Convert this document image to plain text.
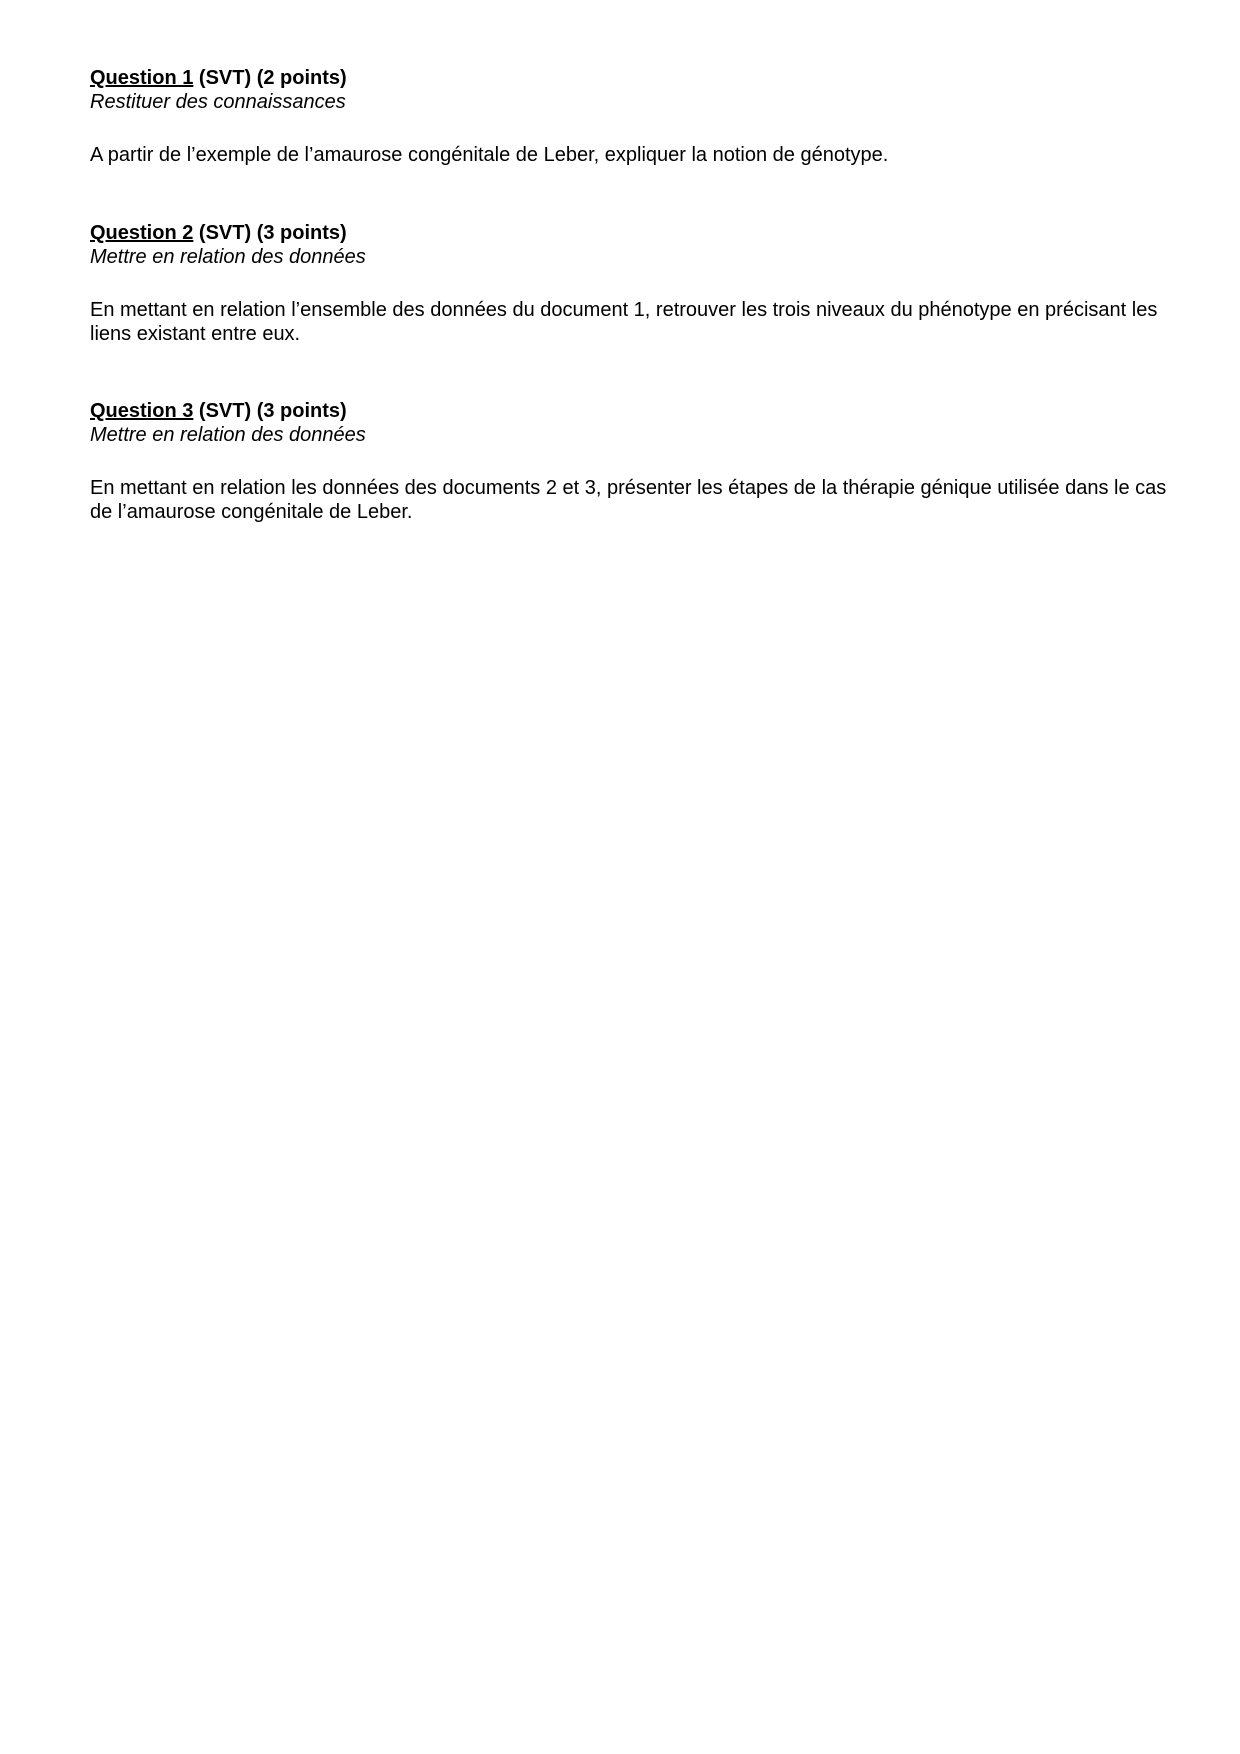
Question 1 (SVT) (2 points)

Restituer des connaissances

A partir de l’exemple de l’amaurose congénitale de Leber, expliquer la notion de génotype.

Question 2 (SVT) (3 points)

Mettre en relation des données

En mettant en relation l’ensemble des données du document 1, retrouver les trois niveaux du phénotype en précisant les liens existant entre eux.

Question 3 (SVT) (3 points)

Mettre en relation des données

En mettant en relation les données des documents 2 et 3, présenter les étapes de la thérapie génique utilisée dans le cas de l’amaurose congénitale de Leber.
